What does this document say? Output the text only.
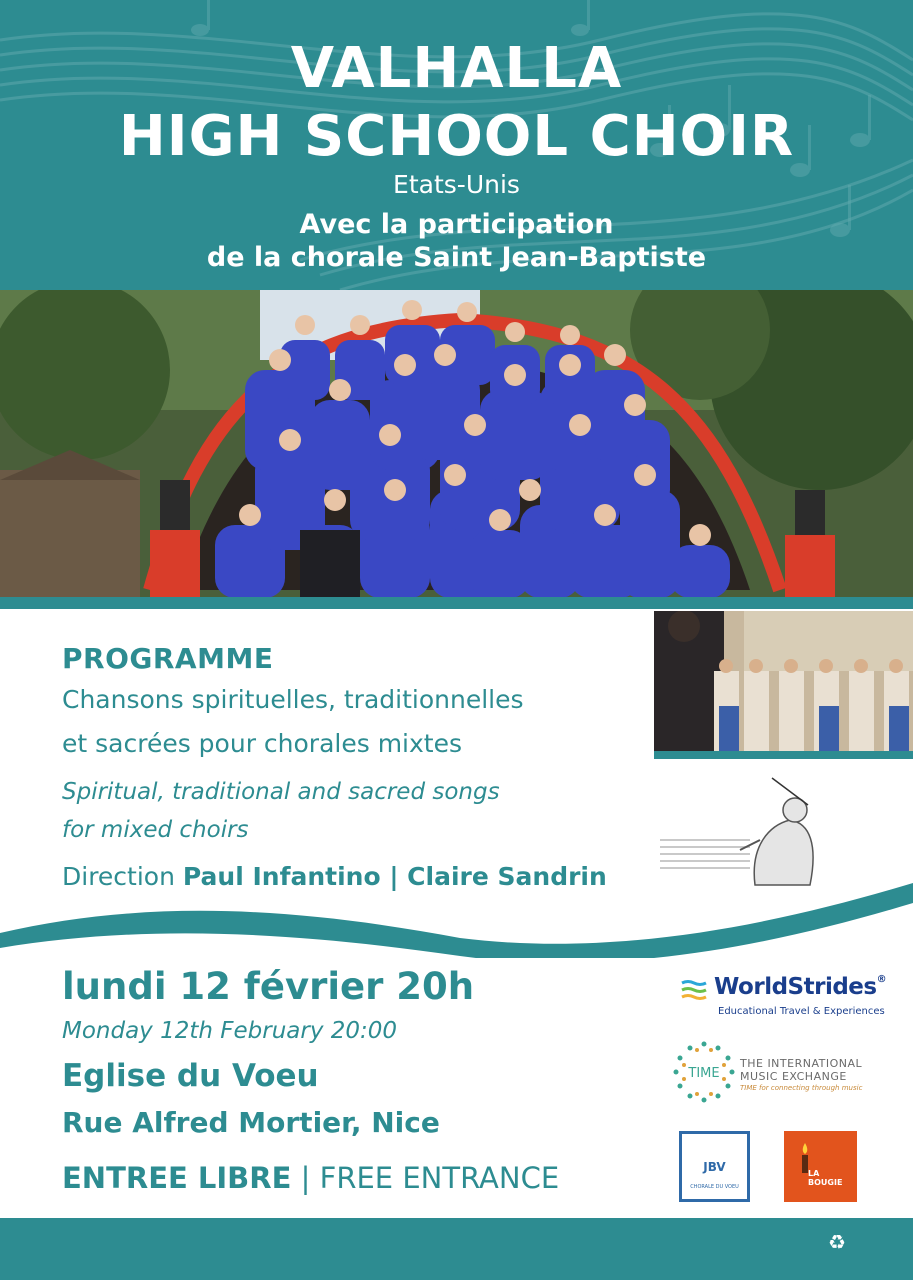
VALHALLA
HIGH SCHOOL CHOIR
Etats-Unis
Avec la participation
de la chorale Saint Jean-Baptiste
PROGRAMME
Chansons spirituelles, traditionnelles
et sacrées pour chorales mixtes
Spiritual, traditional and sacred songs
for mixed choirs
Direction Paul Infantino | Claire Sandrin
lundi 12 février 20h
Monday 12th February 20:00
Eglise du Voeu
Rue Alfred Mortier, Nice
ENTREE LIBRE | FREE ENTRANCE
WorldStrides®
Educational Travel & Experiences
TIME
THE INTERNATIONAL
MUSIC EXCHANGE
TIME for connecting through music
JBV
CHORALE DU VOEU
LA
BOUGIE
♻
